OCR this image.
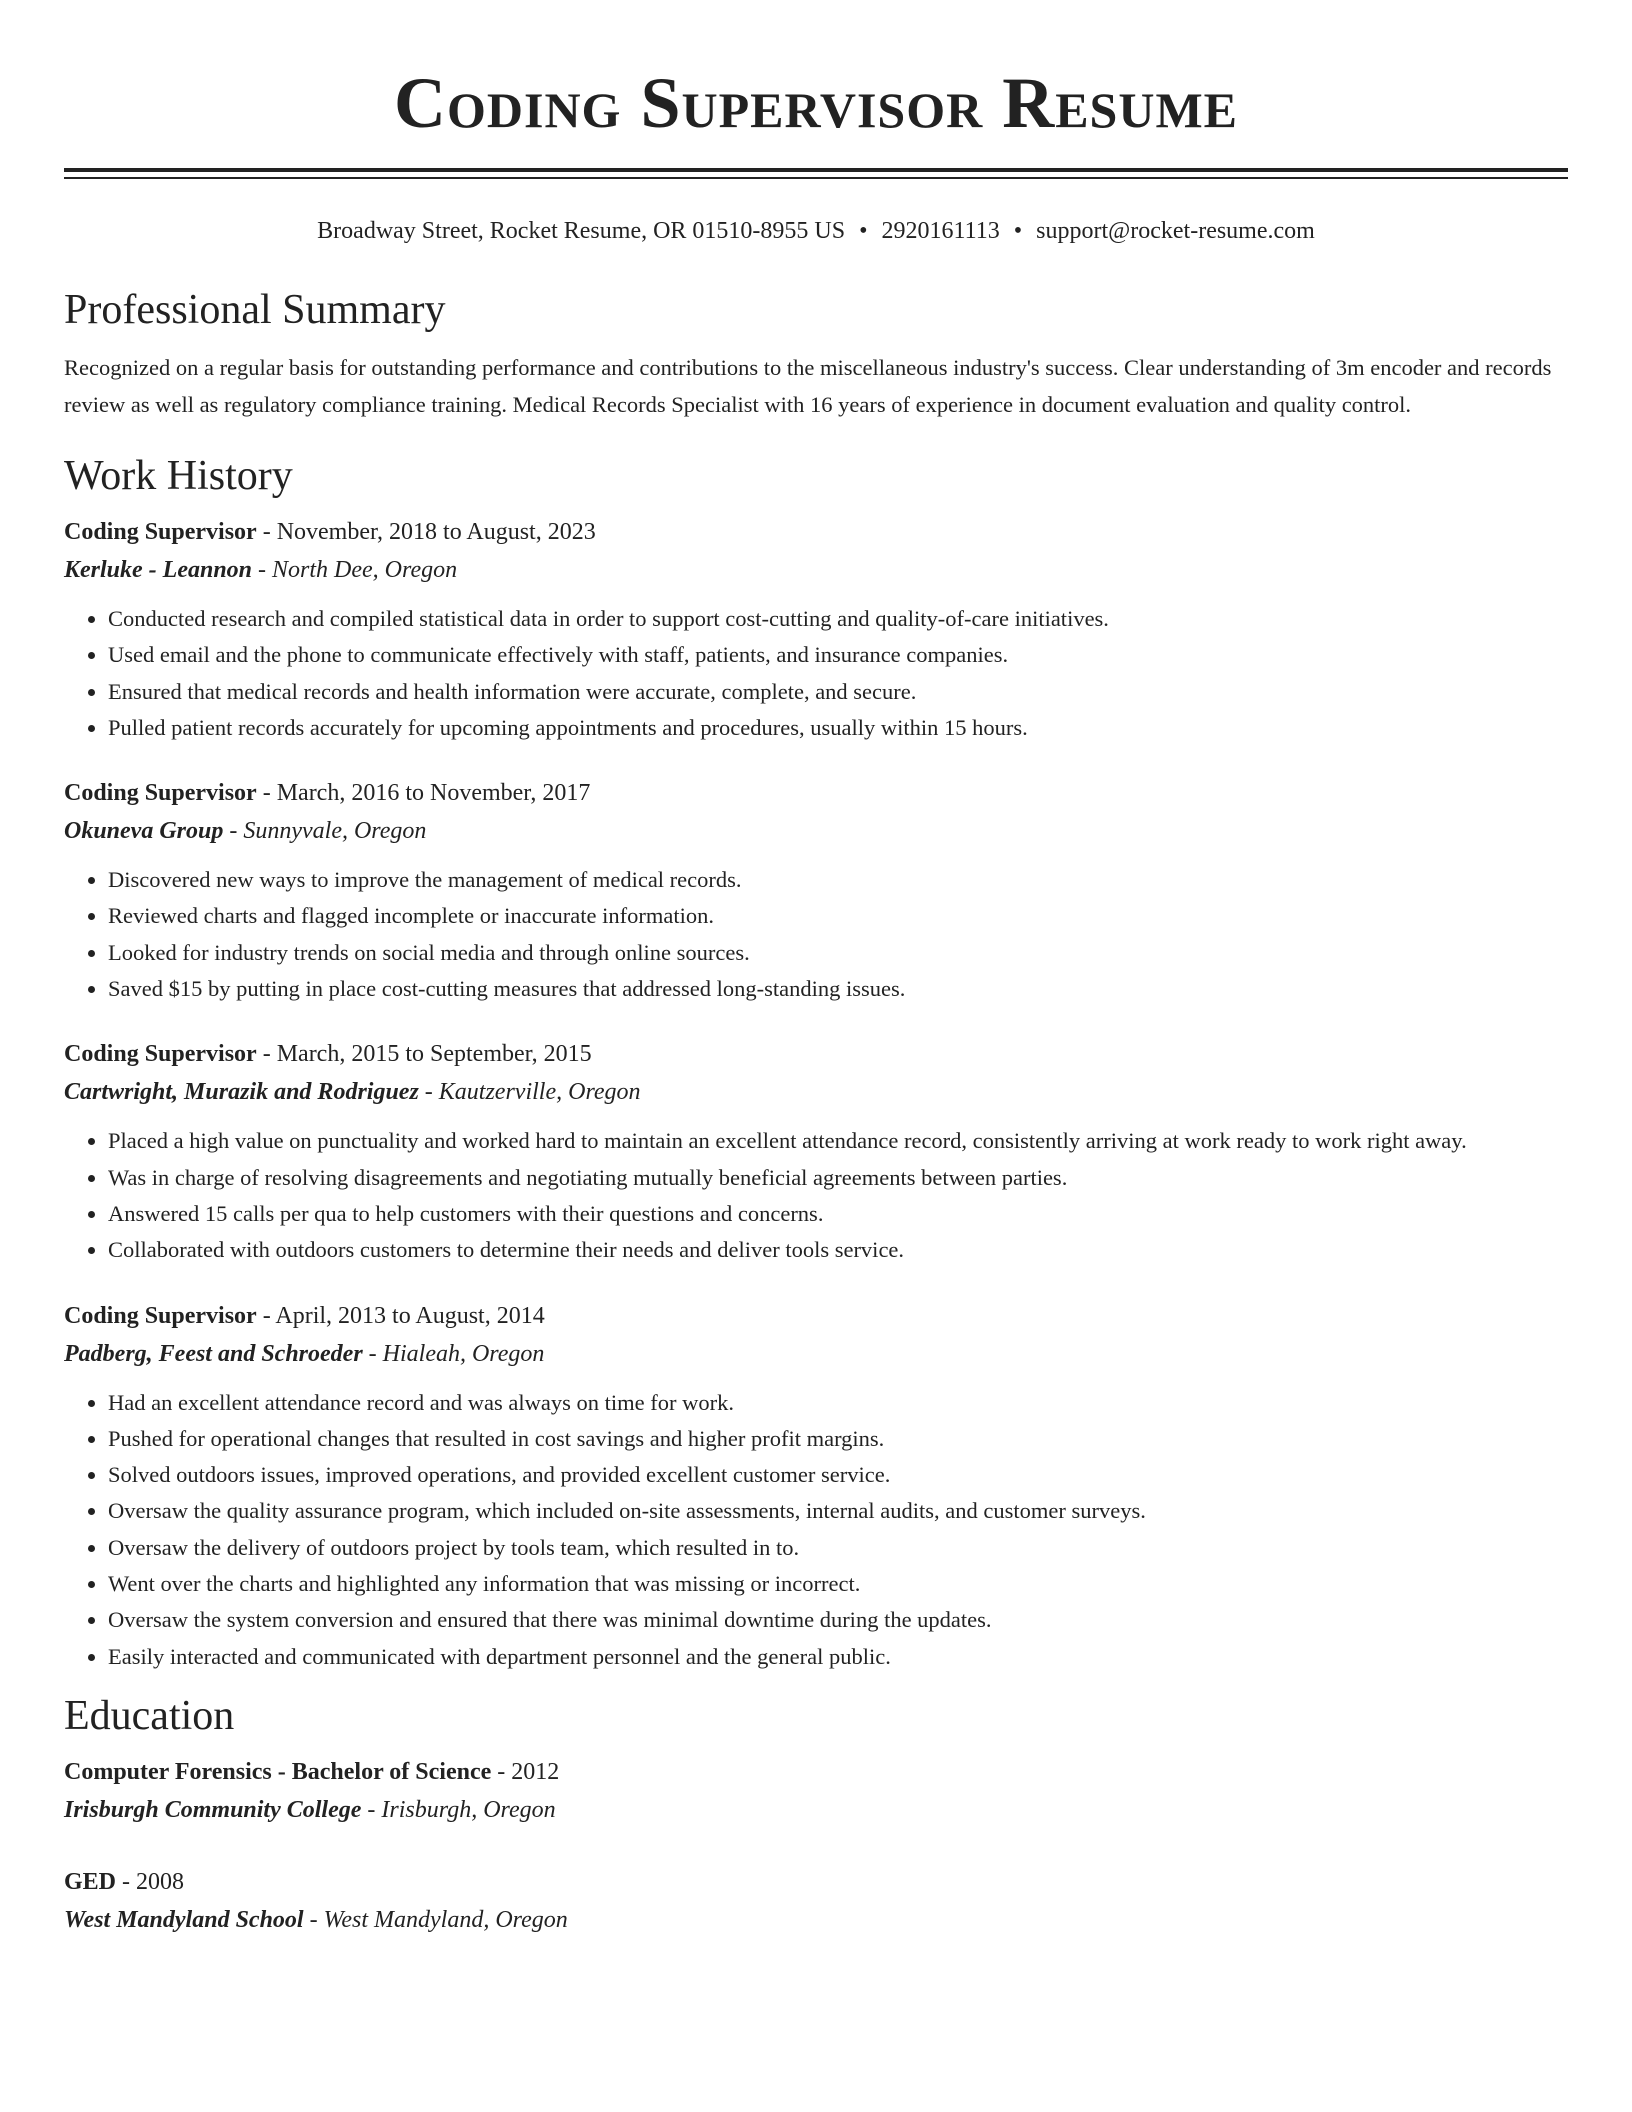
Coding Supervisor Resume
Broadway Street, Rocket Resume, OR 01510-8955 US • 2920161113 • support@rocket-resume.com
Professional Summary
Recognized on a regular basis for outstanding performance and contributions to the miscellaneous industry's success. Clear understanding of 3m encoder and records review as well as regulatory compliance training. Medical Records Specialist with 16 years of experience in document evaluation and quality control.
Work History
Coding Supervisor - November, 2018 to August, 2023
Kerluke - Leannon - North Dee, Oregon
• Conducted research and compiled statistical data in order to support cost-cutting and quality-of-care initiatives.
• Used email and the phone to communicate effectively with staff, patients, and insurance companies.
• Ensured that medical records and health information were accurate, complete, and secure.
• Pulled patient records accurately for upcoming appointments and procedures, usually within 15 hours.
Coding Supervisor - March, 2016 to November, 2017
Okuneva Group - Sunnyvale, Oregon
• Discovered new ways to improve the management of medical records.
• Reviewed charts and flagged incomplete or inaccurate information.
• Looked for industry trends on social media and through online sources.
• Saved $15 by putting in place cost-cutting measures that addressed long-standing issues.
Coding Supervisor - March, 2015 to September, 2015
Cartwright, Murazik and Rodriguez - Kautzerville, Oregon
• Placed a high value on punctuality and worked hard to maintain an excellent attendance record, consistently arriving at work ready to work right away.
• Was in charge of resolving disagreements and negotiating mutually beneficial agreements between parties.
• Answered 15 calls per qua to help customers with their questions and concerns.
• Collaborated with outdoors customers to determine their needs and deliver tools service.
Coding Supervisor - April, 2013 to August, 2014
Padberg, Feest and Schroeder - Hialeah, Oregon
• Had an excellent attendance record and was always on time for work.
• Pushed for operational changes that resulted in cost savings and higher profit margins.
• Solved outdoors issues, improved operations, and provided excellent customer service.
• Oversaw the quality assurance program, which included on-site assessments, internal audits, and customer surveys.
• Oversaw the delivery of outdoors project by tools team, which resulted in to.
• Went over the charts and highlighted any information that was missing or incorrect.
• Oversaw the system conversion and ensured that there was minimal downtime during the updates.
• Easily interacted and communicated with department personnel and the general public.
Education
Computer Forensics - Bachelor of Science - 2012
Irisburgh Community College - Irisburgh, Oregon
GED - 2008
West Mandyland School - West Mandyland, Oregon
